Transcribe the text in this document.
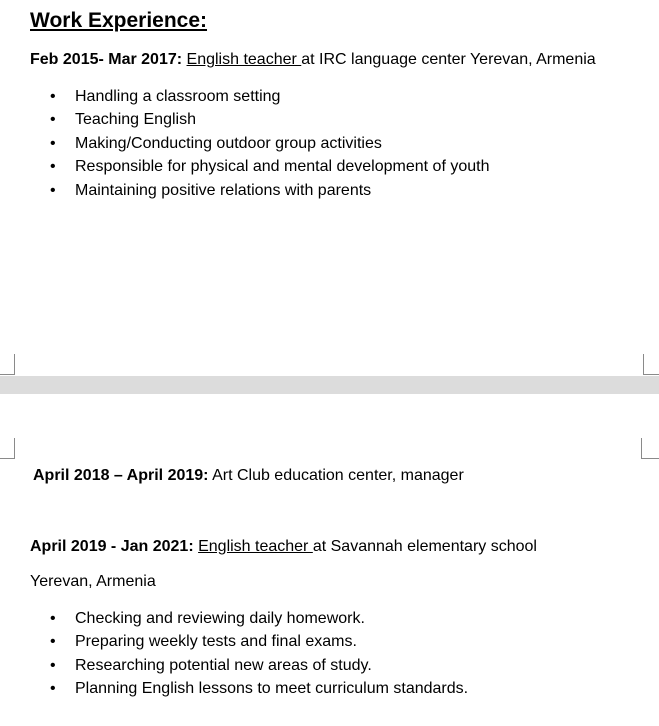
Work Experience:
Feb 2015- Mar 2017: English teacher at IRC language center Yerevan, Armenia
• Handling a classroom setting
• Teaching English
• Making/Conducting outdoor group activities
• Responsible for physical and mental development of youth
• Maintaining positive relations with parents
April 2018 – April 2019: Art Club education center, manager
April 2019 - Jan 2021: English teacher at Savannah elementary school
Yerevan, Armenia
• Checking and reviewing daily homework.
• Preparing weekly tests and final exams.
• Researching potential new areas of study.
• Planning English lessons to meet curriculum standards.
